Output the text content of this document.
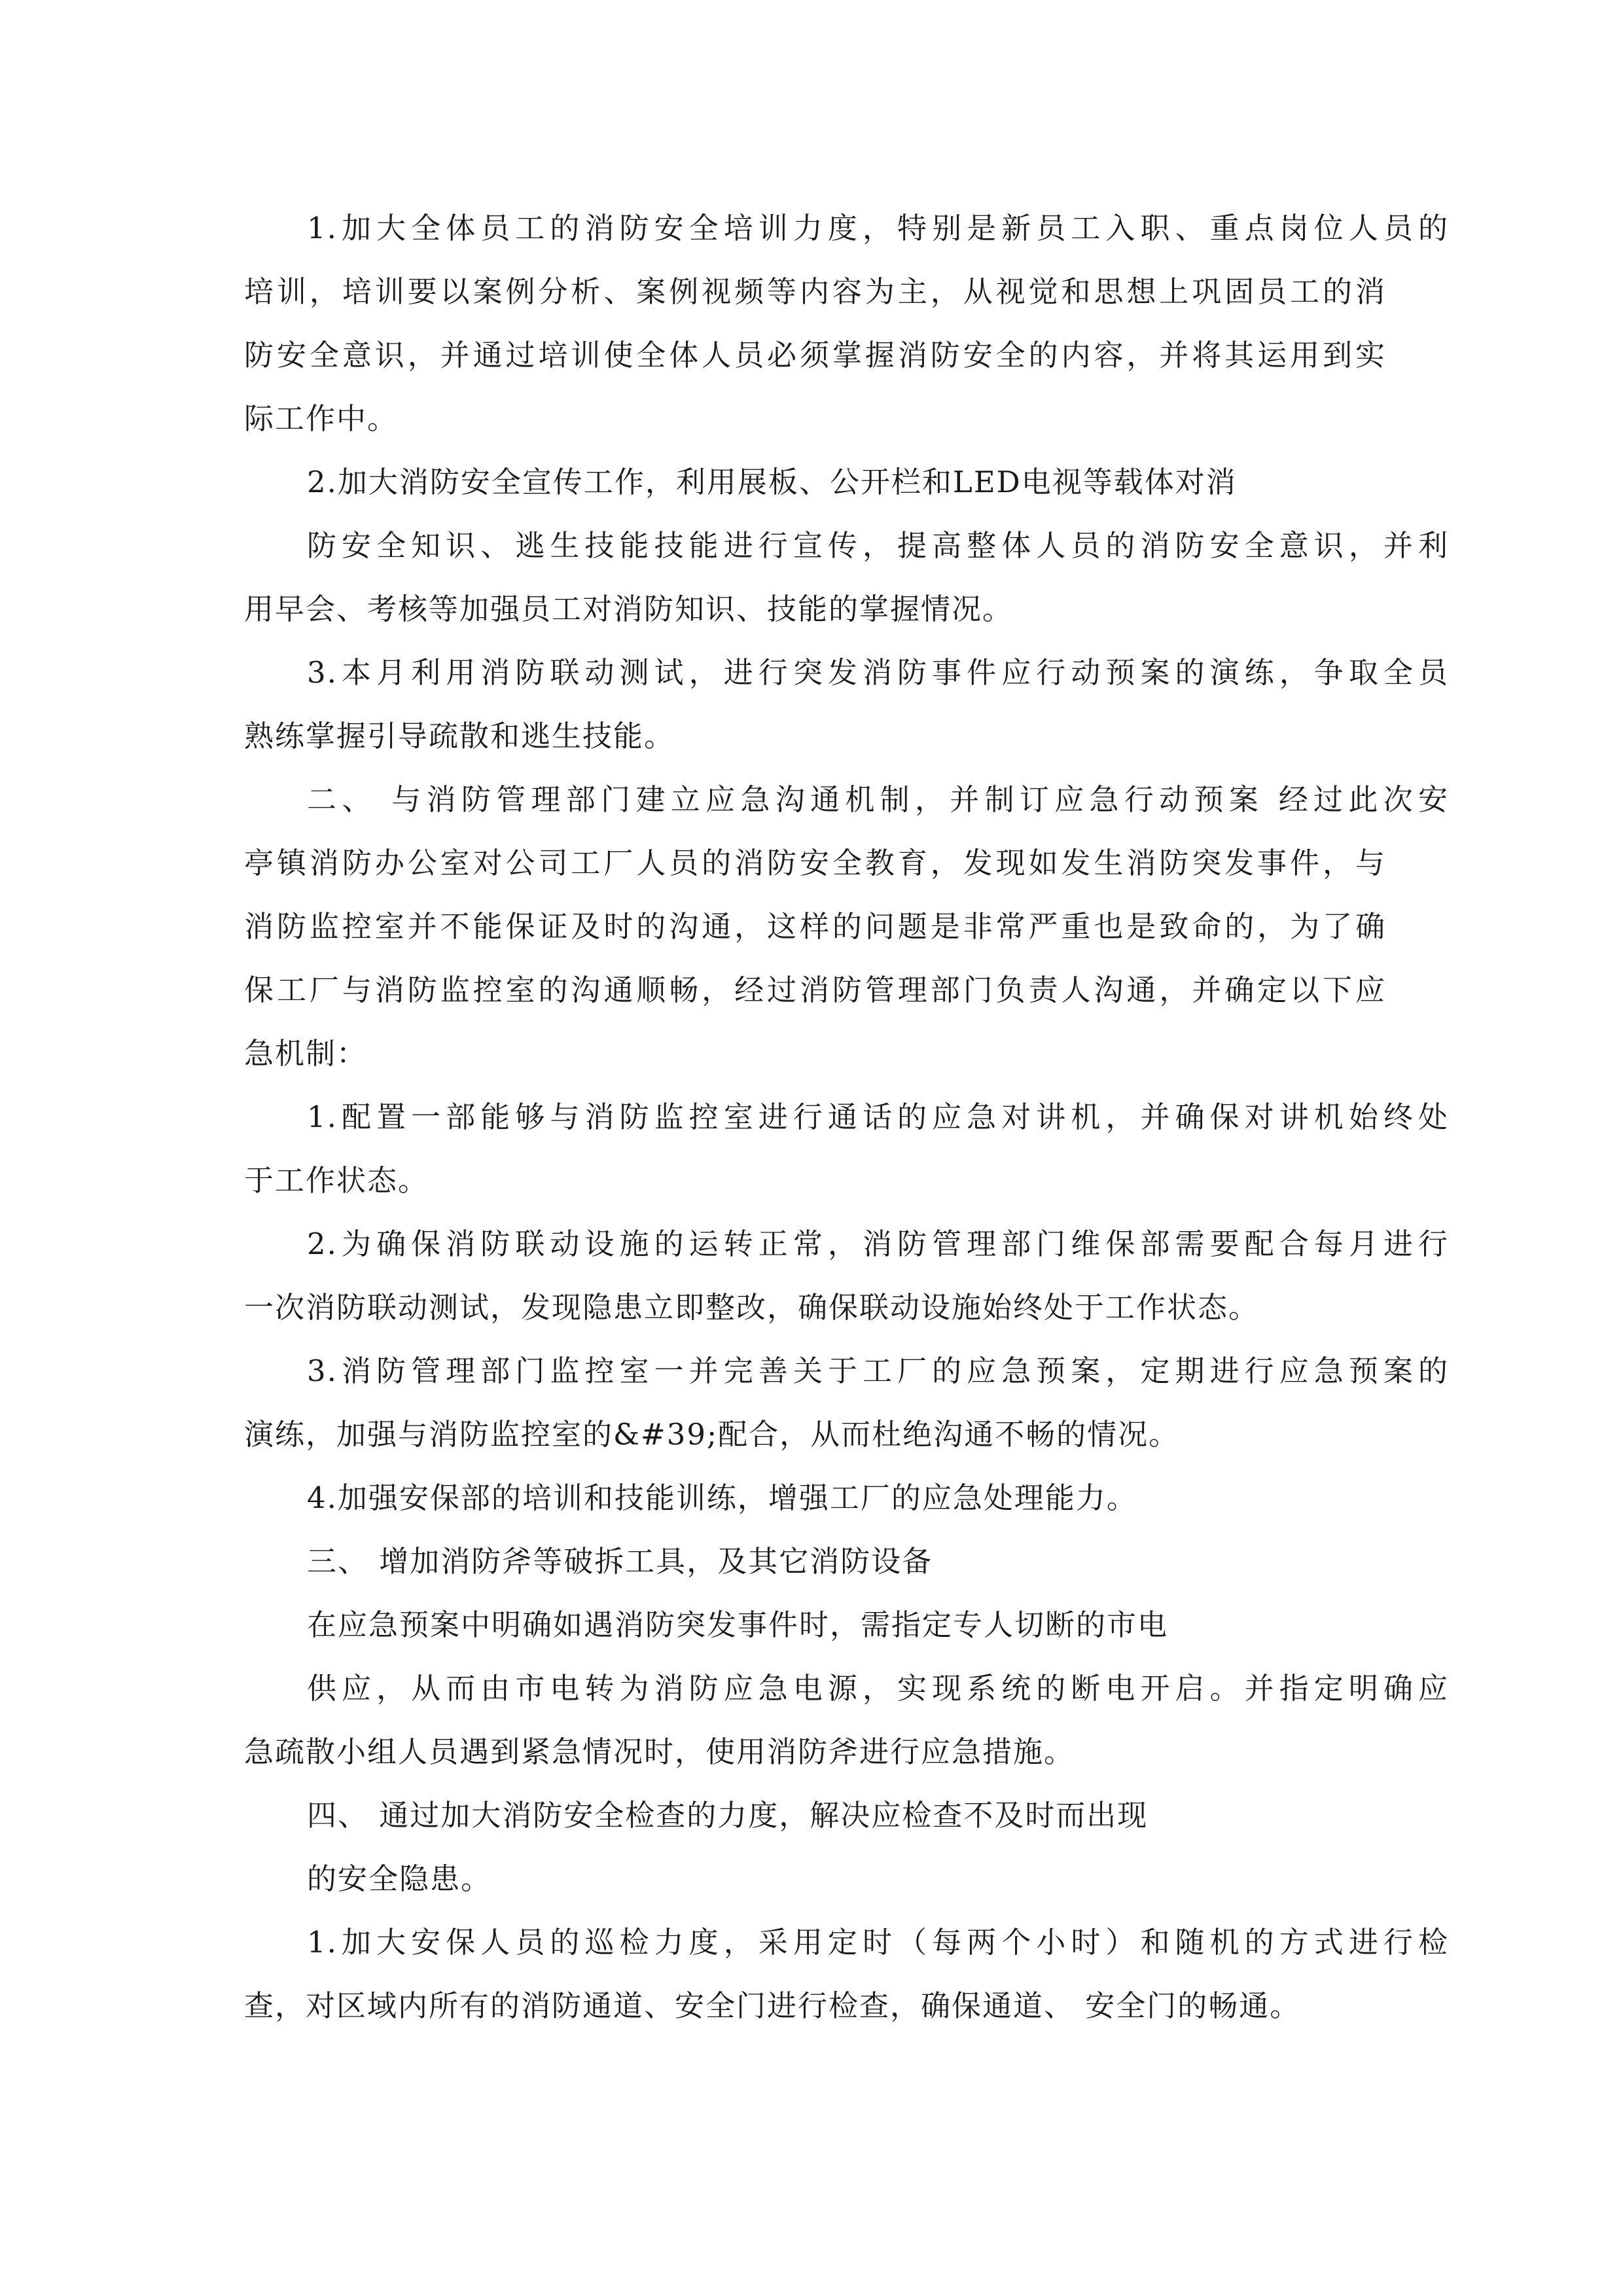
1.加大全体员工的消防安全培训力度，特别是新员工入职、重点岗位人员的
培训，培训要以案例分析、案例视频等内容为主，从视觉和思想上巩固员工的消
防安全意识，并通过培训使全体人员必须掌握消防安全的内容，并将其运用到实
际工作中。
2.加大消防安全宣传工作，利用展板、公开栏和LED电视等载体对消
防安全知识、逃生技能技能进行宣传，提高整体人员的消防安全意识，并利
用早会、考核等加强员工对消防知识、技能的掌握情况。
3.本月利用消防联动测试，进行突发消防事件应行动预案的演练，争取全员
熟练掌握引导疏散和逃生技能。
二、 与消防管理部门建立应急沟通机制，并制订应急行动预案 经过此次安
亭镇消防办公室对公司工厂人员的消防安全教育，发现如发生消防突发事件，与
消防监控室并不能保证及时的沟通，这样的问题是非常严重也是致命的，为了确
保工厂与消防监控室的沟通顺畅，经过消防管理部门负责人沟通，并确定以下应
急机制：
1.配置一部能够与消防监控室进行通话的应急对讲机，并确保对讲机始终处
于工作状态。
2.为确保消防联动设施的运转正常，消防管理部门维保部需要配合每月进行
一次消防联动测试，发现隐患立即整改，确保联动设施始终处于工作状态。
3.消防管理部门监控室一并完善关于工厂的应急预案，定期进行应急预案的
演练，加强与消防监控室的&#39;配合，从而杜绝沟通不畅的情况。
4.加强安保部的培训和技能训练，增强工厂的应急处理能力。
三、 增加消防斧等破拆工具，及其它消防设备
在应急预案中明确如遇消防突发事件时，需指定专人切断的市电
供应，从而由市电转为消防应急电源，实现系统的断电开启。并指定明确应
急疏散小组人员遇到紧急情况时，使用消防斧进行应急措施。
四、 通过加大消防安全检查的力度，解决应检查不及时而出现
的安全隐患。
1.加大安保人员的巡检力度，采用定时（每两个小时）和随机的方式进行检
查，对区域内所有的消防通道、安全门进行检查，确保通道、 安全门的畅通。
